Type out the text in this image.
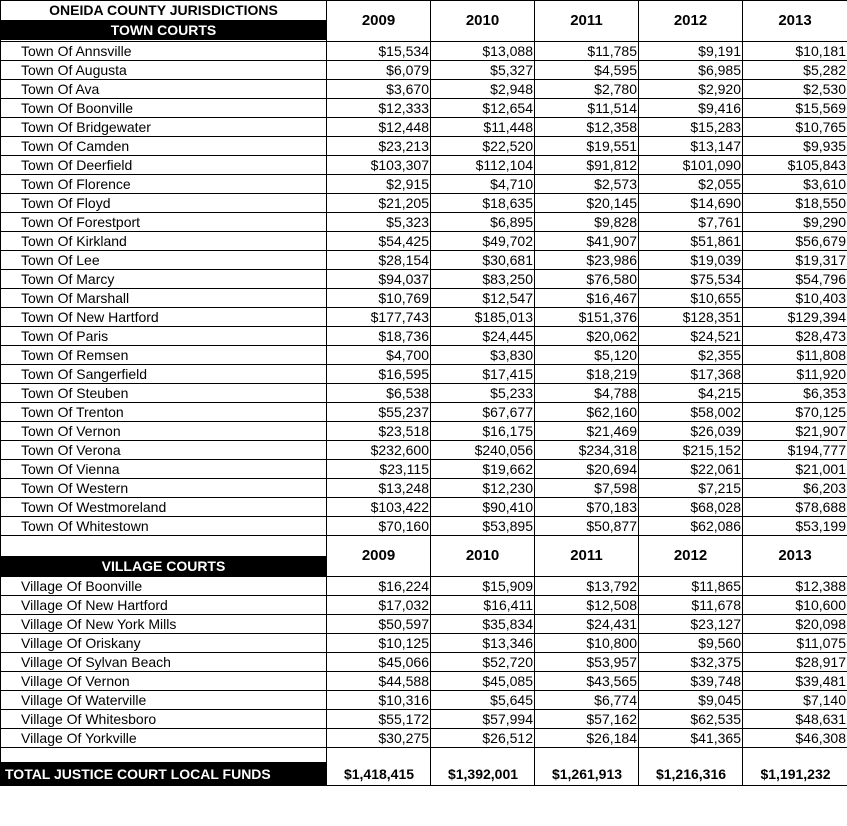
ONEIDA COUNTY JURISDICTIONS
TOWN COURTS	2009	2010	2011	2012	2013
Town Of Annsville	$15,534	$13,088	$11,785	$9,191	$10,181
Town Of Augusta	$6,079	$5,327	$4,595	$6,985	$5,282
Town Of Ava	$3,670	$2,948	$2,780	$2,920	$2,530
Town Of Boonville	$12,333	$12,654	$11,514	$9,416	$15,569
Town Of Bridgewater	$12,448	$11,448	$12,358	$15,283	$10,765
Town Of Camden	$23,213	$22,520	$19,551	$13,147	$9,935
Town Of Deerfield	$103,307	$112,104	$91,812	$101,090	$105,843
Town Of Florence	$2,915	$4,710	$2,573	$2,055	$3,610
Town Of Floyd	$21,205	$18,635	$20,145	$14,690	$18,550
Town Of Forestport	$5,323	$6,895	$9,828	$7,761	$9,290
Town Of Kirkland	$54,425	$49,702	$41,907	$51,861	$56,679
Town Of Lee	$28,154	$30,681	$23,986	$19,039	$19,317
Town Of Marcy	$94,037	$83,250	$76,580	$75,534	$54,796
Town Of Marshall	$10,769	$12,547	$16,467	$10,655	$10,403
Town Of New Hartford	$177,743	$185,013	$151,376	$128,351	$129,394
Town Of Paris	$18,736	$24,445	$20,062	$24,521	$28,473
Town Of Remsen	$4,700	$3,830	$5,120	$2,355	$11,808
Town Of Sangerfield	$16,595	$17,415	$18,219	$17,368	$11,920
Town Of Steuben	$6,538	$5,233	$4,788	$4,215	$6,353
Town Of Trenton	$55,237	$67,677	$62,160	$58,002	$70,125
Town Of Vernon	$23,518	$16,175	$21,469	$26,039	$21,907
Town Of Verona	$232,600	$240,056	$234,318	$215,152	$194,777
Town Of Vienna	$23,115	$19,662	$20,694	$22,061	$21,001
Town Of Western	$13,248	$12,230	$7,598	$7,215	$6,203
Town Of Westmoreland	$103,422	$90,410	$70,183	$68,028	$78,688
Town Of Whitestown	$70,160	$53,895	$50,877	$62,086	$53,199
	2009	2010	2011	2012	2013

VILLAGE COURTS					

Village Of Boonville	$16,224	$15,909	$13,792	$11,865	$12,388
Village Of New Hartford	$17,032	$16,411	$12,508	$11,678	$10,600
Village Of New York Mills	$50,597	$35,834	$24,431	$23,127	$20,098
Village Of Oriskany	$10,125	$13,346	$10,800	$9,560	$11,075
Village Of Sylvan Beach	$45,066	$52,720	$53,957	$32,375	$28,917
Village Of Vernon	$44,588	$45,085	$43,565	$39,748	$39,481
Village Of Waterville	$10,316	$5,645	$6,774	$9,045	$7,140
Village Of Whitesboro	$55,172	$57,994	$57,162	$62,535	$48,631
Village Of Yorkville	$30,275	$26,512	$26,184	$41,365	$46,308

TOTAL JUSTICE COURT LOCAL FUNDS	$1,418,415	$1,392,001	$1,261,913	$1,216,316	$1,191,232
